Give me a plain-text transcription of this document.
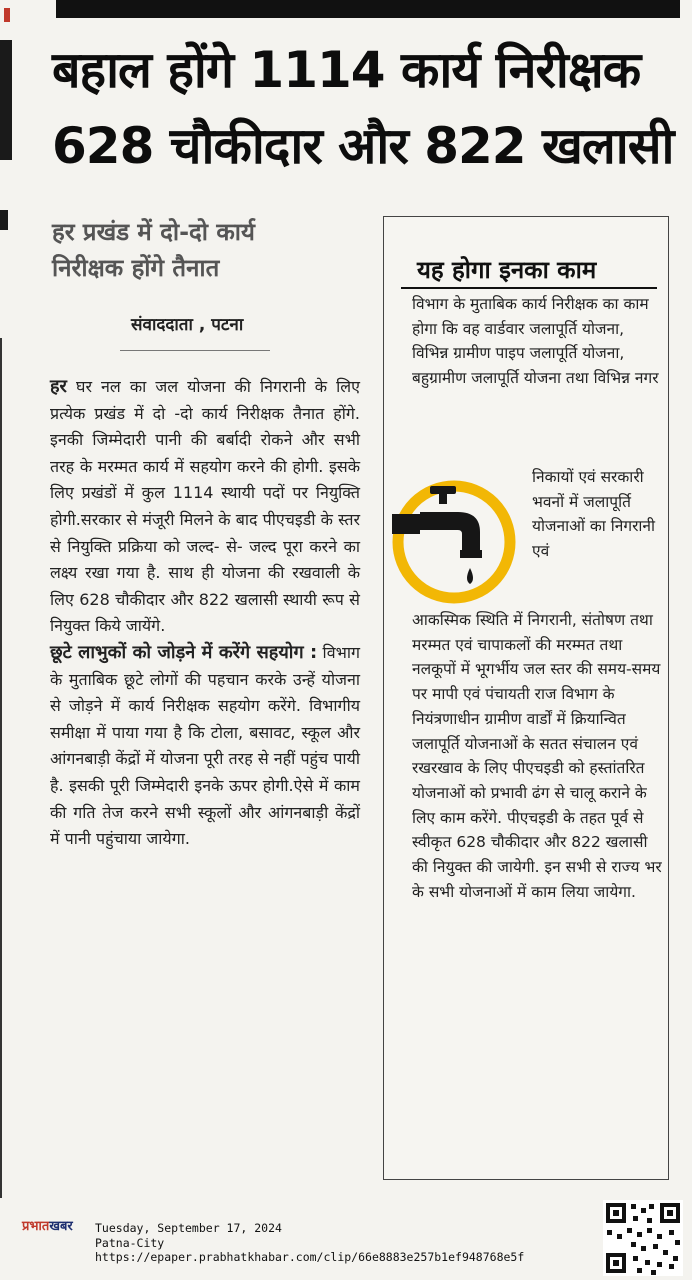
बहाल होंगे 1114 कार्य निरीक्षक
628 चौकीदार और 822 खलासी
हर प्रखंड में दो-दो कार्य
निरीक्षक होंगे तैनात
संवाददाता , पटना

हर घर नल का जल योजना की निगरानी के लिए प्रत्येक प्रखंड में दो -दो कार्य निरीक्षक तैनात होंगे. इनकी जिम्मेदारी पानी की बर्बादी रोकने और सभी तरह के मरम्मत कार्य में सहयोग करने की होगी. इसके लिए प्रखंडों में कुल 1114 स्थायी पदों पर नियुक्ति होगी.सरकार से मंजूरी मिलने के बाद पीएचइडी के स्तर से नियुक्ति प्रक्रिया को जल्द- से- जल्द पूरा करने का लक्ष्य रखा गया है. साथ ही योजना की रखवाली के लिए 628 चौकीदार और 822 खलासी स्थायी रूप से नियुक्त किये जायेंगे.

छूटे लाभुकों को जोड़ने में करेंगे सहयोग : विभाग के मुताबिक छूटे लोगों की पहचान करके उन्हें योजना से जोड़ने में कार्य निरीक्षक सहयोग करेंगे. विभागीय समीक्षा में पाया गया है कि टोला, बसावट, स्कूल और आंगनबाड़ी केंद्रों में योजना पूरी तरह से नहीं पहुंच पायी है. इसकी पूरी जिम्मेदारी इनके ऊपर होगी.ऐसे में काम की गति तेज करने सभी स्कूलों और आंगनबाड़ी केंद्रों में पानी पहुंचाया जायेगा.

यह होगा इनका काम
विभाग के मुताबिक कार्य निरीक्षक का काम होगा कि वह वार्डवार जलापूर्ति योजना, विभिन्न ग्रामीण पाइप जलापूर्ति योजना, बहुग्रामीण जलापूर्ति योजना तथा विभिन्न नगर
निकायों एवं सरकारी भवनों में जलापूर्ति योजनाओं का निगरानी एवं
आकस्मिक स्थिति में निगरानी, संतोषण तथा मरम्मत एवं चापाकलों की मरम्मत तथा नलकूपों में भूगर्भीय जल स्तर की समय-समय पर मापी एवं पंचायती राज विभाग के नियंत्रणाधीन ग्रामीण वार्डों में क्रियान्वित जलापूर्ति योजनाओं के सतत संचालन एवं रखरखाव के लिए पीएचइडी को हस्तांतरित योजनाओं को प्रभावी ढंग से चालू कराने के लिए काम करेंगे. पीएचइडी के तहत पूर्व से स्वीकृत 628 चौकीदार और 822 खलासी की नियुक्त की जायेगी. इन सभी से राज्य भर के सभी योजनाओं में काम लिया जायेगा.
प्रभातखबर Tuesday, September 17, 2024
Patna-City
https://epaper.prabhatkhabar.com/clip/66e8883e257b1ef948768e5f
